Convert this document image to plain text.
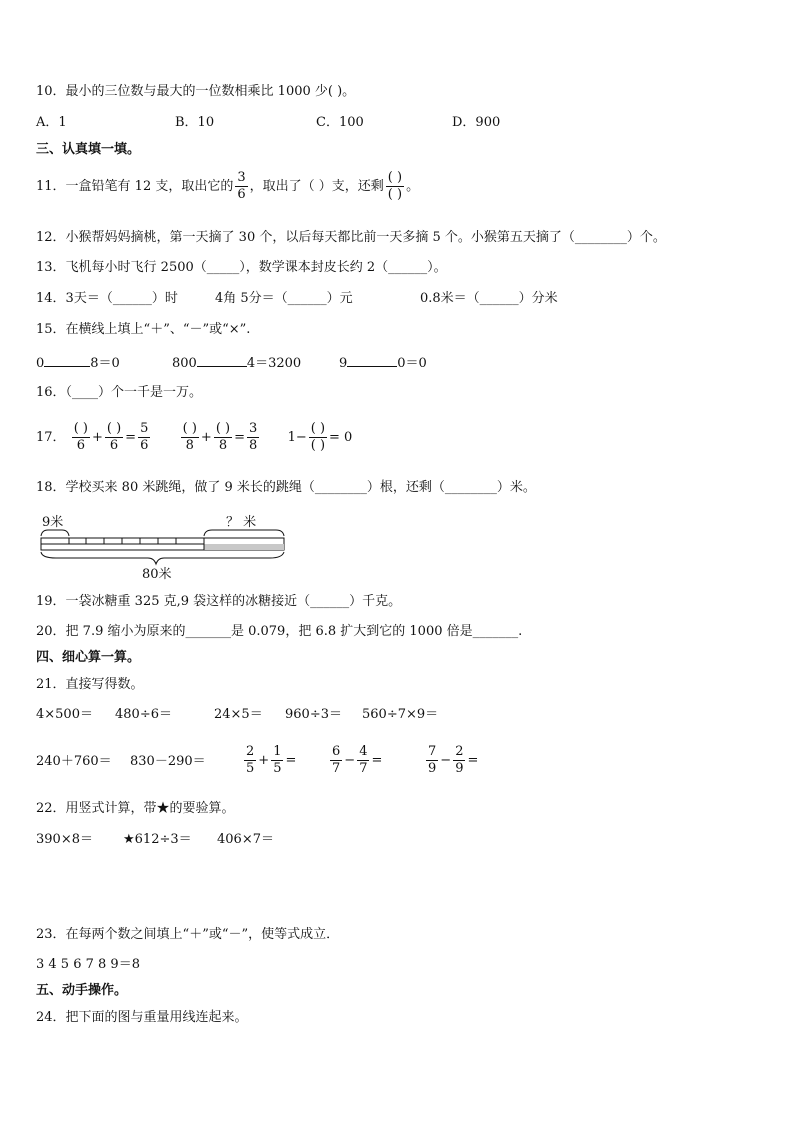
10．最小的三位数与最大的一位数相乘比 1000 少( )。
A．1	B．10	C．100	D．900
三、认真填一填。
11．一盒铅笔有 12 支，取出它的 $\frac{3}{6}$ ，取出了（ ）支，还剩 $\frac{( )}{( )}$ 。
12．小猴帮妈妈摘桃，第一天摘了 30 个，以后每天都比前一天多摘 5 个。小猴第五天摘了（________）个。
13．飞机每小时飞行 2500（_____），数学课本封皮长约 2（______）。
14．3天＝（______）时	4角 5分＝（______）元	0.8米＝（______）分米
15．在横线上填上“＋”、“－”或“×”.
0	8＝0	800	4＝3200	9	0＝0
16．（____）个一千是一万。
17． $\frac{( )}{6} + \frac{( )}{6} = \frac{5}{6}$
$\frac{( )}{8} + \frac{( )}{8} = \frac{3}{8} 1- \frac{( )}{( )} = 0$
18．学校买来 80 米跳绳，做了 9 米长的跳绳（________）根，还剩（________）米。
9米	？ 米
80米
19．一袋冰糖重 325 克,9 袋这样的冰糖接近（______）千克。
20．把 7.9 缩小为原来的_______是 0.079，把 6.8 扩大到它的 1000 倍是_______.
四、细心算一算。
21．直接写得数。
4×500＝ 480÷6＝	24×5＝ 960÷3＝ 560÷7×9＝
240＋760＝ 830－290＝	$\frac{2}{5} + \frac{1}{5}$ =	$\frac{6}{7} - \frac{4}{7}$ =	$\frac{7}{9} - \frac{2}{9}$ =
22．用竖式计算，带★的要验算。
390×8＝ ★612÷3＝ 406×7＝
23．在每两个数之间填上“＋”或“－”，使等式成立．
3 4 5 6 7 8 9＝8
五、动手操作。
24．把下面的图与重量用线连起来。
